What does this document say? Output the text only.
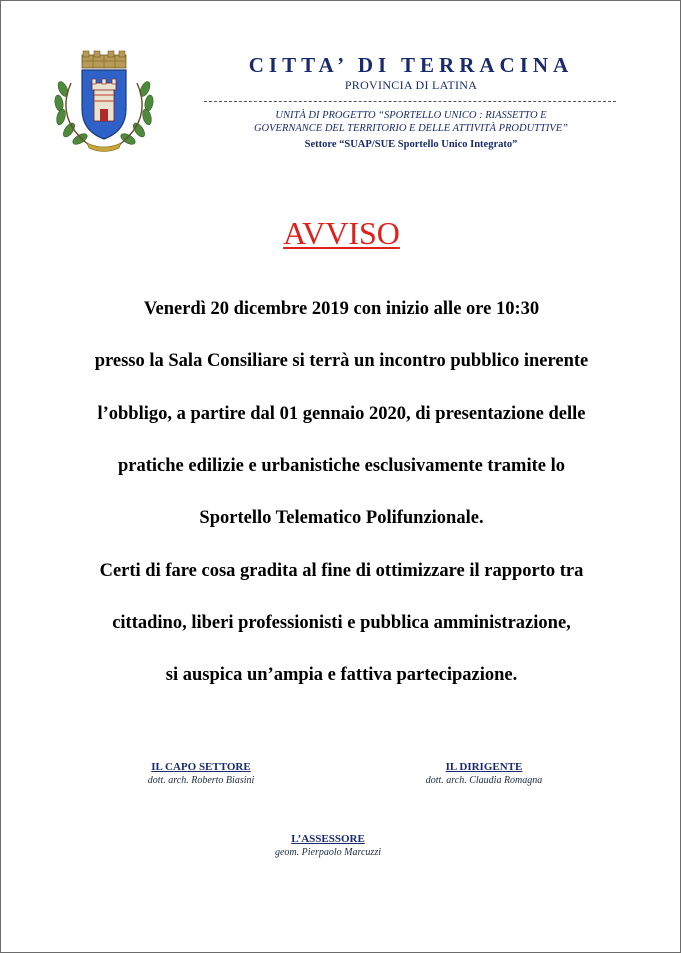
CITTA’ DI TERRACINA
PROVINCIA DI LATINA
UNITÀ DI PROGETTO “SPORTELLO UNICO : RIASSETTO E
GOVERNANCE DEL TERRITORIO E DELLE ATTIVITÀ PRODUTTIVE”
Settore “SUAP/SUE Sportello Unico Integrato”
AVVISO
Venerdì 20 dicembre 2019 con inizio alle ore 10:30
presso la Sala Consiliare si terrà un incontro pubblico inerente
l’obbligo, a partire dal 01 gennaio 2020, di presentazione delle
pratiche edilizie e urbanistiche esclusivamente tramite lo
Sportello Telematico Polifunzionale.
Certi di fare cosa gradita al fine di ottimizzare il rapporto tra
cittadino, liberi professionisti e pubblica amministrazione,
si auspica un’ampia e fattiva partecipazione.
IL CAPO SETTORE
dott. arch. Roberto Biasini
IL DIRIGENTE
dott. arch. Claudia Romagna
L’ASSESSORE
geom. Pierpaolo Marcuzzi
